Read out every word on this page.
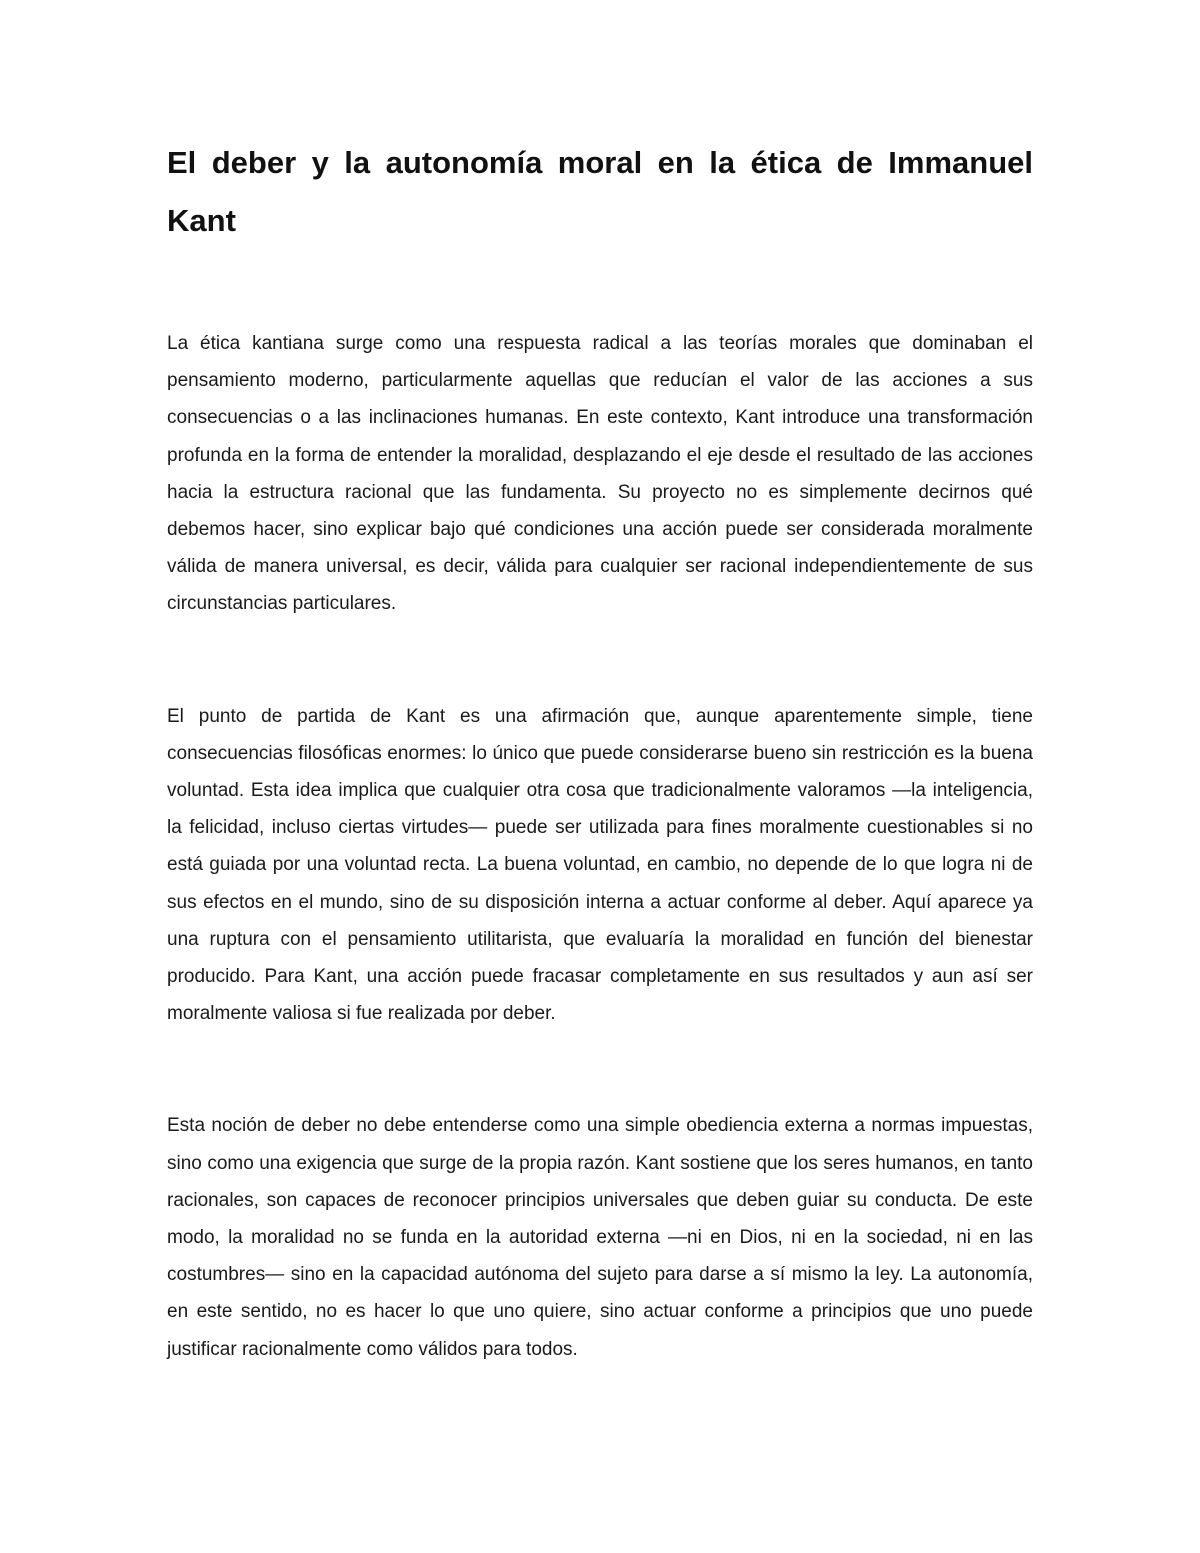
El deber y la autonomía moral en la ética de Immanuel Kant

La ética kantiana surge como una respuesta radical a las teorías morales que dominaban el pensamiento moderno, particularmente aquellas que reducían el valor de las acciones a sus consecuencias o a las inclinaciones humanas. En este contexto, Kant introduce una transformación profunda en la forma de entender la moralidad, desplazando el eje desde el resultado de las acciones hacia la estructura racional que las fundamenta. Su proyecto no es simplemente decirnos qué debemos hacer, sino explicar bajo qué condiciones una acción puede ser considerada moralmente válida de manera universal, es decir, válida para cualquier ser racional independientemente de sus circunstancias particulares.

El punto de partida de Kant es una afirmación que, aunque aparentemente simple, tiene consecuencias filosóficas enormes: lo único que puede considerarse bueno sin restricción es la buena voluntad. Esta idea implica que cualquier otra cosa que tradicionalmente valoramos —la inteligencia, la felicidad, incluso ciertas virtudes— puede ser utilizada para fines moralmente cuestionables si no está guiada por una voluntad recta. La buena voluntad, en cambio, no depende de lo que logra ni de sus efectos en el mundo, sino de su disposición interna a actuar conforme al deber. Aquí aparece ya una ruptura con el pensamiento utilitarista, que evaluaría la moralidad en función del bienestar producido. Para Kant, una acción puede fracasar completamente en sus resultados y aun así ser moralmente valiosa si fue realizada por deber.

Esta noción de deber no debe entenderse como una simple obediencia externa a normas impuestas, sino como una exigencia que surge de la propia razón. Kant sostiene que los seres humanos, en tanto racionales, son capaces de reconocer principios universales que deben guiar su conducta. De este modo, la moralidad no se funda en la autoridad externa —ni en Dios, ni en la sociedad, ni en las costumbres— sino en la capacidad autónoma del sujeto para darse a sí mismo la ley. La autonomía, en este sentido, no es hacer lo que uno quiere, sino actuar conforme a principios que uno puede justificar racionalmente como válidos para todos.
